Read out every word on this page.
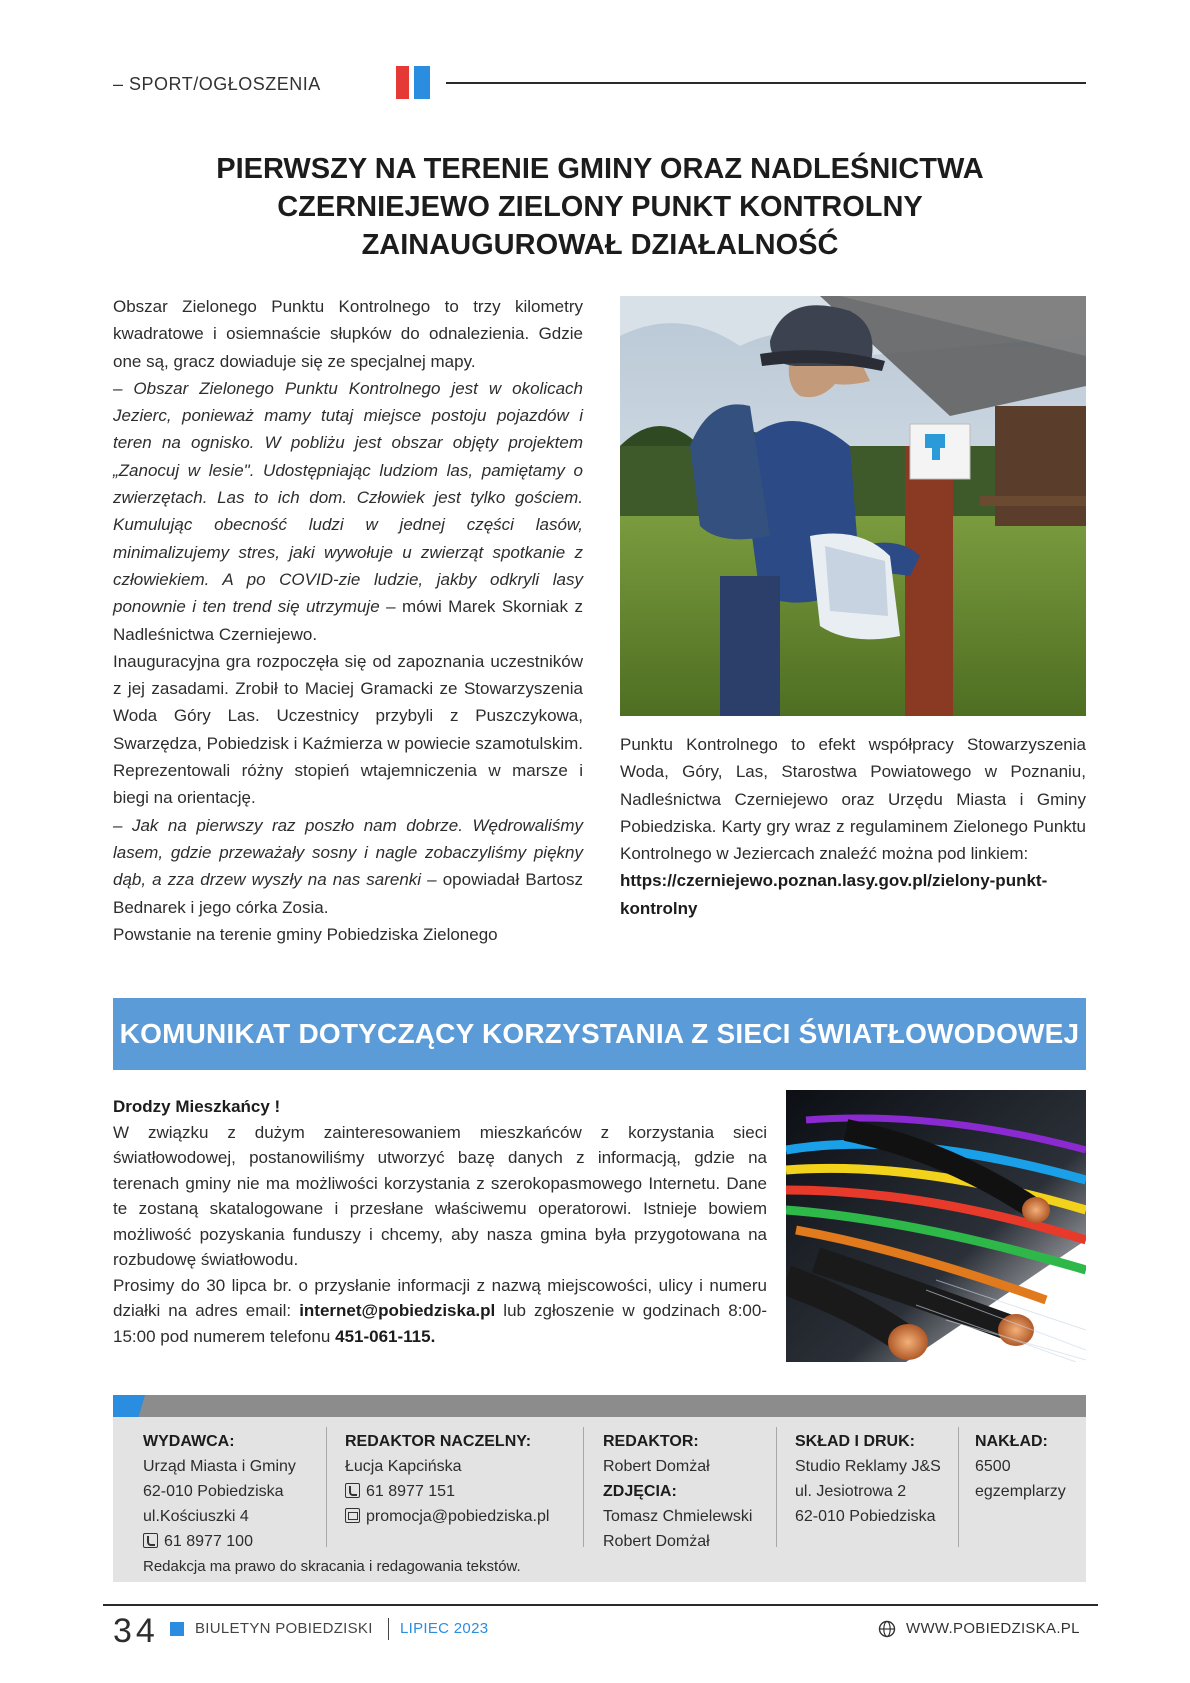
– SPORT/OGŁOSZENIA
PIERWSZY NA TERENIE GMINY ORAZ NADLEŚNICTWA
CZERNIEJEWO ZIELONY PUNKT KONTROLNY
ZAINAUGUROWAŁ DZIAŁALNOŚĆ

Obszar Zielonego Punktu Kontrolnego to trzy kilometry kwadratowe i osiemnaście słupków do odnalezienia. Gdzie one są, gracz dowiaduje się ze specjalnej mapy.

– Obszar Zielonego Punktu Kontrolnego jest w okolicach Jezierc, ponieważ mamy tutaj miejsce postoju pojazdów i teren na ognisko. W pobliżu jest obszar objęty projektem „Zanocuj w lesie". Udostępniając ludziom las, pamiętamy o zwierzętach. Las to ich dom. Człowiek jest tylko gościem. Kumulując obecność ludzi w jednej części lasów, minimalizujemy stres, jaki wywołuje u zwierząt spotkanie z człowiekiem. A po COVID-zie ludzie, jakby odkryli lasy ponownie i ten trend się utrzymuje – mówi Marek Skorniak z Nadleśnictwa Czerniejewo.

Inauguracyjna gra rozpoczęła się od zapoznania uczestników z jej zasadami. Zrobił to Maciej Gramacki ze Stowarzyszenia Woda Góry Las. Uczestnicy przybyli z Puszczykowa, Swarzędza, Pobiedzisk i Kaźmierza w powiecie szamotulskim. Reprezentowali różny stopień wtajemniczenia w marsze i biegi na orientację.

– Jak na pierwszy raz poszło nam dobrze. Wędrowaliśmy lasem, gdzie przeważały sosny i nagle zobaczyliśmy piękny dąb, a zza drzew wyszły na nas sarenki – opowiadał Bartosz Bednarek i jego córka Zosia.

Powstanie na terenie gminy Pobiedziska Zielonego

Punktu Kontrolnego to efekt współpracy Stowarzyszenia Woda, Góry, Las, Starostwa Powiatowego w Poznaniu, Nadleśnictwa Czerniejewo oraz Urzędu Miasta i Gminy Pobiedziska. Karty gry wraz z regulaminem Zielonego Punktu Kontrolnego w Jeziercach znaleźć można pod linkiem:

https://czerniejewo.poznan.lasy.gov.pl/zielony-punkt-kontrolny

KOMUNIKAT DOTYCZĄCY KORZYSTANIA Z SIECI ŚWIATŁOWODOWEJ

Drodzy Mieszkańcy !

W związku z dużym zainteresowaniem mieszkańców z korzystania sieci światłowodowej, postanowiliśmy utworzyć bazę danych z informacją, gdzie na terenach gminy nie ma możliwości korzystania z szerokopasmowego Internetu. Dane te zostaną skatalogowane i przesłane właściwemu operatorowi. Istnieje bowiem możliwość pozyskania funduszy i chcemy, aby nasza gmina była przygotowana na rozbudowę światłowodu.

Prosimy do 30 lipca br. o przysłanie informacji z nazwą miejscowości, ulicy i numeru działki na adres email: internet@pobiedziska.pl lub zgłoszenie w godzinach 8:00-15:00 pod numerem telefonu 451-061-115.

WYDAWCA:
Urząd Miasta i Gminy
62-010 Pobiedziska
ul.Kościuszki 4
61 8977 100
REDAKTOR NACZELNY:
Łucja Kapcińska
61 8977 151
promocja@pobiedziska.pl
REDAKTOR:
Robert Domżał
ZDJĘCIA:
Tomasz Chmielewski
Robert Domżał
SKŁAD I DRUK:
Studio Reklamy J&S
ul. Jesiotrowa 2
62-010 Pobiedziska
NAKŁAD:
6500
egzemplarzy
Redakcja ma prawo do skracania i redagowania tekstów.
34 BIULETYN POBIEDZISKI LIPIEC 2023	WWW.POBIEDZISKA.PL
